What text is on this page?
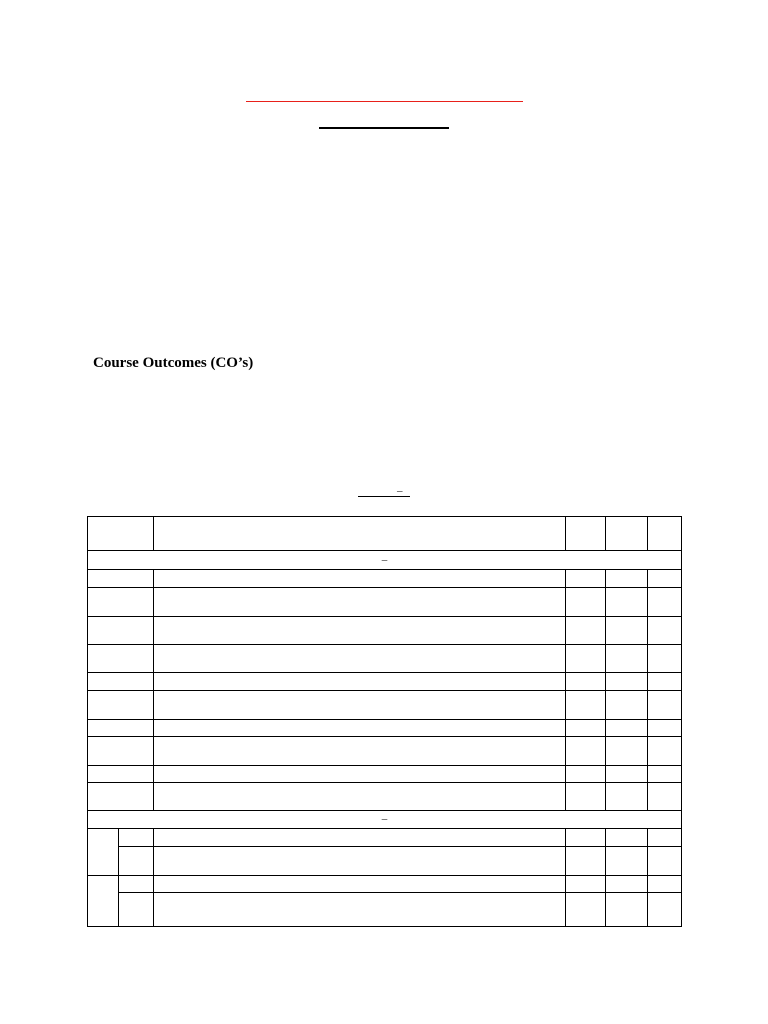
Course Outcomes (CO’s)
–

–					

–					
